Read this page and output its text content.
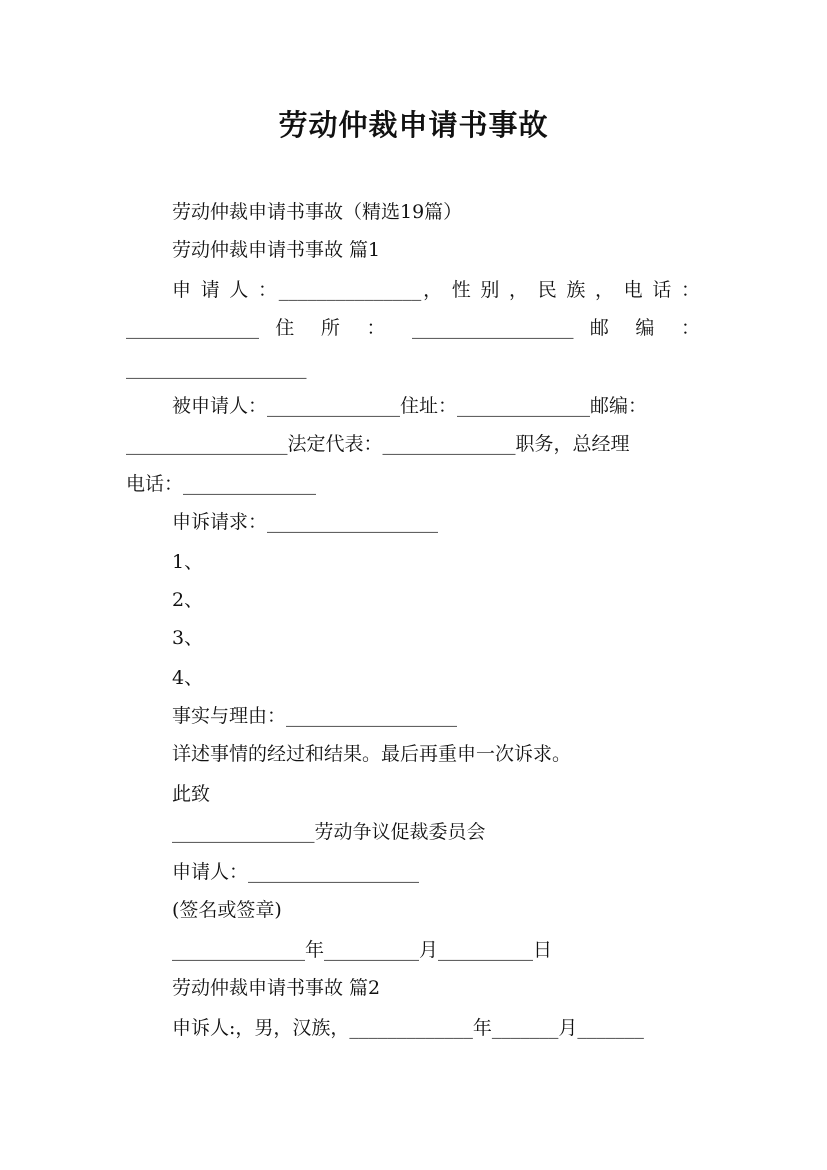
劳动仲裁申请书事故
劳动仲裁申请书事故（精选19篇）
劳动仲裁申请书事故 篇1
申 请 人 ：_______________， 性 别 ， 民 族 ， 电 话 ：
______________ 住 所 ： _________________ 邮 编 ：
___________________
被申请人：______________住址：______________邮编：
_________________法定代表：______________职务，总经理
电话：______________
申诉请求：__________________
1、
2、
3、
4、
事实与理由：__________________
详述事情的经过和结果。最后再重申一次诉求。
此致
_______________劳动争议促裁委员会
申请人：__________________
(签名或签章)
______________年__________月__________日
劳动仲裁申请书事故 篇2
申诉人:，男，汉族，_____________年_______月_______
